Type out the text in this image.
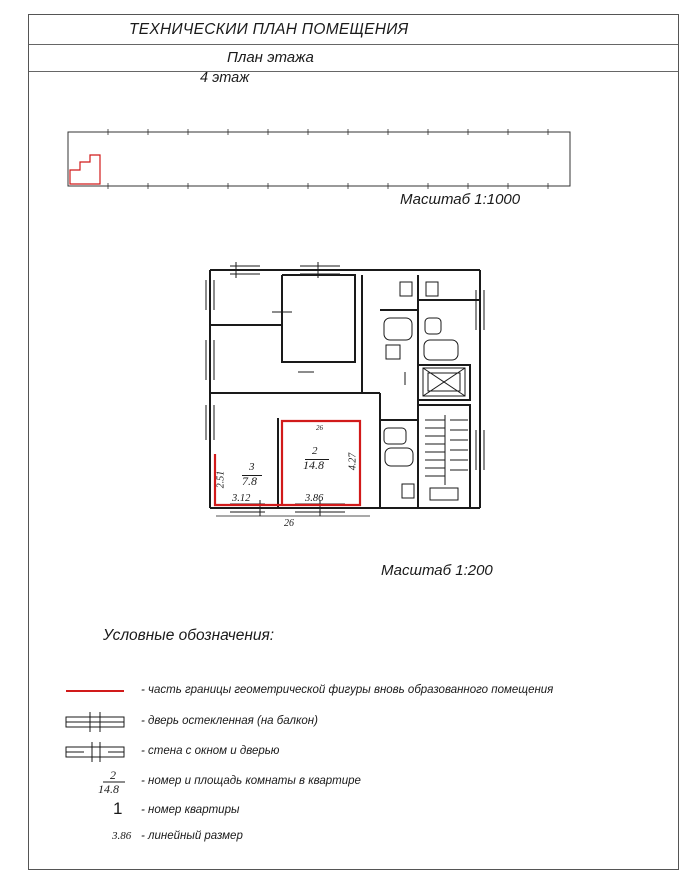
ТЕХНИЧЕСКИИ ПЛАН ПОМЕЩЕНИЯ
План этажа
4 этаж
Масштаб 1:1000
Масштаб 1:200
Условные обозначения:
2
14.8 4.27
3.86
26
3
7.8
2.51
3.12
26
2
14.8
1
3.86
- часть границы геометрической фигуры вновь образованного помещения
- дверь остекленная (на балкон)
- стена с окном и дверью
- номер и площадь комнаты в квартире
- номер квартиры
- линейный размер
